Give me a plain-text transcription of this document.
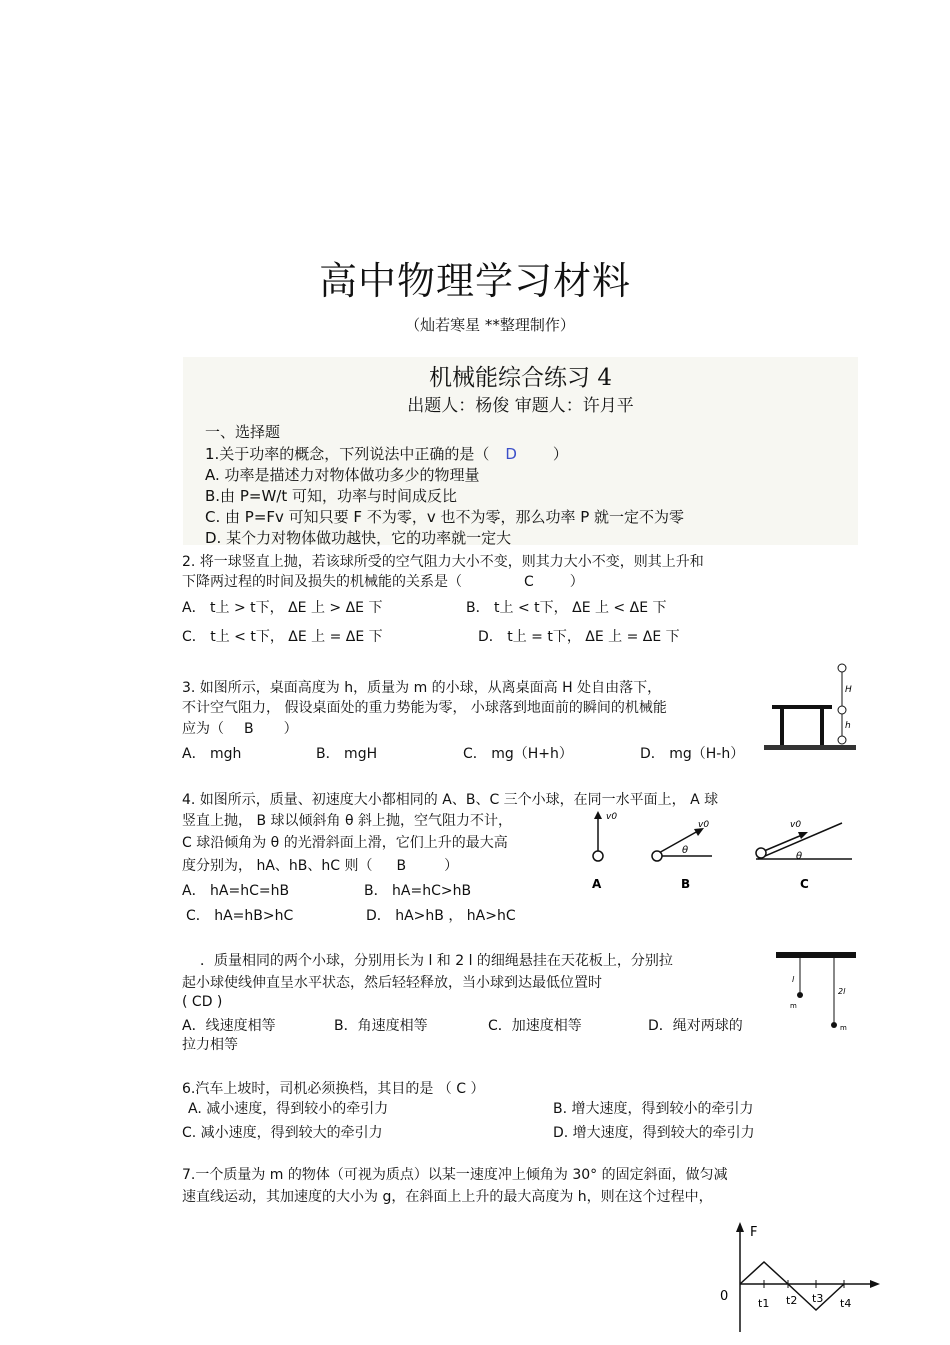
高中物理学习材料
（灿若寒星 **整理制作）
机械能综合练习 4
出题人：杨俊 审题人：许月平
一、选择题
1.关于功率的概念，下列说法中正确的是（ D ）
A. 功率是描述力对物体做功多少的物理量
B.由 P=W/t 可知，功率与时间成反比
C. 由 P=Fv 可知只要 F 不为零，v 也不为零，那么功率 P 就一定不为零
D. 某个力对物体做功越快，它的功率就一定大
2. 将一球竖直上抛，若该球所受的空气阻力大小不变，则其力大小不变，则其上升和
下降两过程的时间及损失的机械能的关系是（	C	）
A． t上 > t下， ΔE 上 > ΔE 下	B． t上 < t下， ΔE 上 < ΔE 下
C． t上 < t下， ΔE 上 = ΔE 下	D． t上 = t下， ΔE 上 = ΔE 下
3. 如图所示，桌面高度为 h，质量为 m 的小球，从离桌面高 H 处自由落下，
不计空气阻力， 假设桌面处的重力势能为零， 小球落到地面前的瞬间的机械能
应为（ B ）
A． mgh	B． mgH	C． mg（H+h）	D． mg（H-h）
H
h
4. 如图所示，质量、初速度大小都相同的 A、B、C 三个小球，在同一水平面上， A 球
竖直上抛， B 球以倾斜角 θ 斜上抛，空气阻力不计，
C 球沿倾角为 θ 的光滑斜面上滑，它们上升的最大高
度分别为， hA、hB、hC 则（ B	）
A． hA=hC=hB	B． hA=hC>hB
C． hA=hB>hC	D． hA>hB ， hA>hC
v0
A
v0
θ
B
v0
θ
C
．质量相同的两个小球，分别用长为 l 和 2 l 的细绳悬挂在天花板上，分别拉
起小球使线伸直呈水平状态，然后轻轻释放，当小球到达最低位置时
( CD )
A．线速度相等	B．角速度相等	C．加速度相等	D．绳对两球的
拉力相等
l
m
2l
m
6.汽车上坡时，司机必须换档，其目的是 （ C ）
A. 减小速度，得到较小的牵引力	B. 增大速度，得到较小的牵引力
C. 减小速度，得到较大的牵引力	D. 增大速度，得到较大的牵引力
7.一个质量为 m 的物体（可视为质点）以某一速度冲上倾角为 30° 的固定斜面，做匀减
速直线运动，其加速度的大小为 g，在斜面上上升的最大高度为 h，则在这个过程中，
F
0	t1 t2 t3 t4
